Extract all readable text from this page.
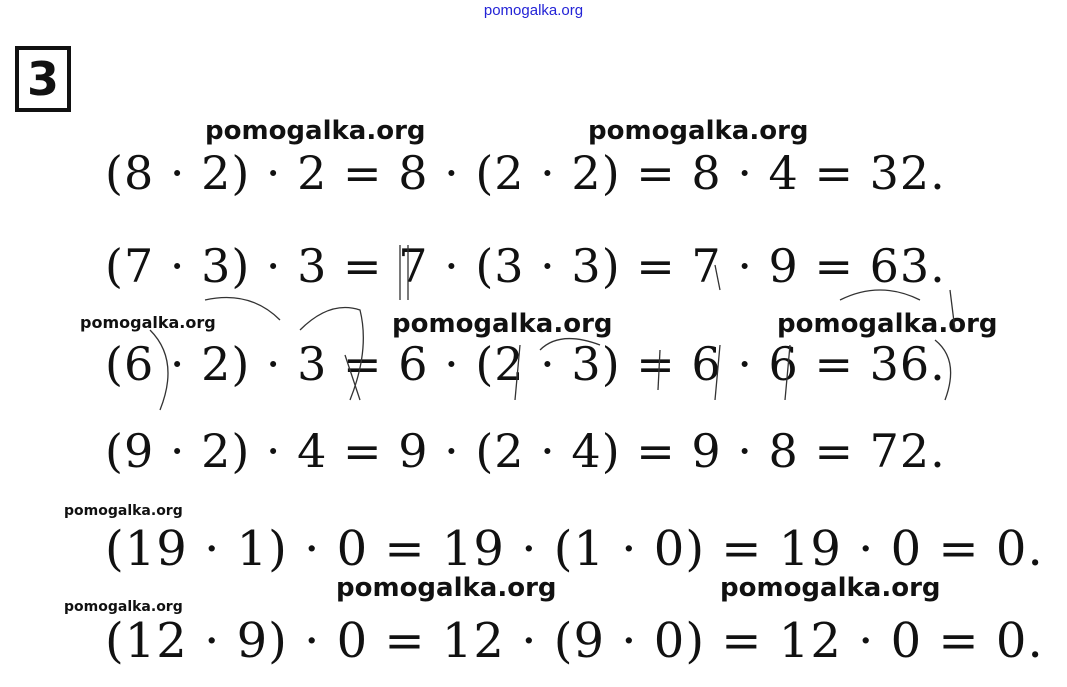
pomogalka.org
3
pomogalka.org	pomogalka.org
pomogalka.org	pomogalka.org	pomogalka.org
pomogalka.org
pomogalka.org	pomogalka.org
pomogalka.org
(8 · 2) · 2 = 8 · (2 · 2) = 8 · 4 = 32.
(7 · 3) · 3 = 7 · (3 · 3) = 7 · 9 = 63.
(6 · 2) · 3 = 6 · (2 · 3) = 6 · 6 = 36.
(9 · 2) · 4 = 9 · (2 · 4) = 9 · 8 = 72.
(19 · 1) · 0 = 19 · (1 · 0) = 19 · 0 = 0.
(12 · 9) · 0 = 12 · (9 · 0) = 12 · 0 = 0.
